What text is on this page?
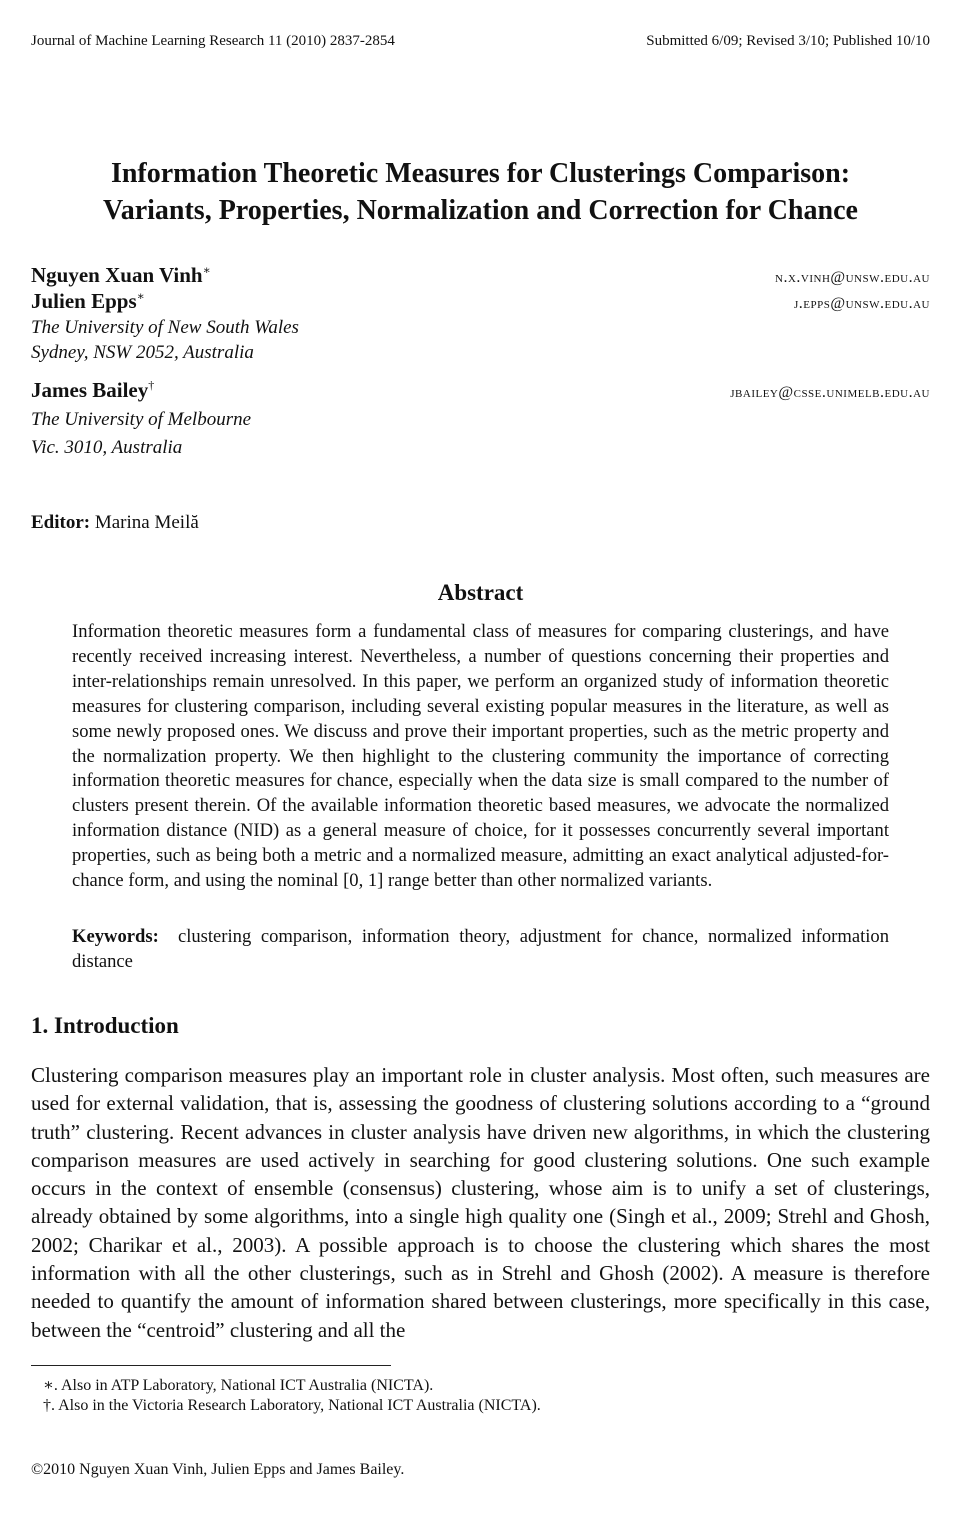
Journal of Machine Learning Research 11 (2010) 2837-2854	Submitted 6/09; Revised 3/10; Published 10/10
Information Theoretic Measures for Clusterings Comparison:
Variants, Properties, Normalization and Correction for Chance
Nguyen Xuan Vinh∗	n.x.vinh@unsw.edu.au
Julien Epps∗	j.epps@unsw.edu.au
The University of New South Wales
Sydney, NSW 2052, Australia
James Bailey†	jbailey@csse.unimelb.edu.au
The University of Melbourne
Vic. 3010, Australia
Editor: Marina Meilă
Abstract
Information theoretic measures form a fundamental class of measures for comparing clusterings, and have recently received increasing interest. Nevertheless, a number of questions concerning their properties and inter-relationships remain unresolved. In this paper, we perform an organized study of information theoretic measures for clustering comparison, including several existing popular measures in the literature, as well as some newly proposed ones. We discuss and prove their important properties, such as the metric property and the normalization property. We then highlight to the clustering community the importance of correcting information theoretic measures for chance, especially when the data size is small compared to the number of clusters present therein. Of the available information theoretic based measures, we advocate the normalized information distance (NID) as a general measure of choice, for it possesses concurrently several important properties, such as being both a metric and a normalized measure, admitting an exact analytical adjusted-for-chance form, and using the nominal [0, 1] range better than other normalized variants.
Keywords: clustering comparison, information theory, adjustment for chance, normalized information distance
1. Introduction
Clustering comparison measures play an important role in cluster analysis. Most often, such measures are used for external validation, that is, assessing the goodness of clustering solutions according to a “ground truth” clustering. Recent advances in cluster analysis have driven new algorithms, in which the clustering comparison measures are used actively in searching for good clustering solutions. One such example occurs in the context of ensemble (consensus) clustering, whose aim is to unify a set of clusterings, already obtained by some algorithms, into a single high quality one (Singh et al., 2009; Strehl and Ghosh, 2002; Charikar et al., 2003). A possible approach is to choose the clustering which shares the most information with all the other clusterings, such as in Strehl and Ghosh (2002). A measure is therefore needed to quantify the amount of information shared between clusterings, more specifically in this case, between the “centroid” clustering and all the
∗. Also in ATP Laboratory, National ICT Australia (NICTA).
†. Also in the Victoria Research Laboratory, National ICT Australia (NICTA).
©2010 Nguyen Xuan Vinh, Julien Epps and James Bailey.
